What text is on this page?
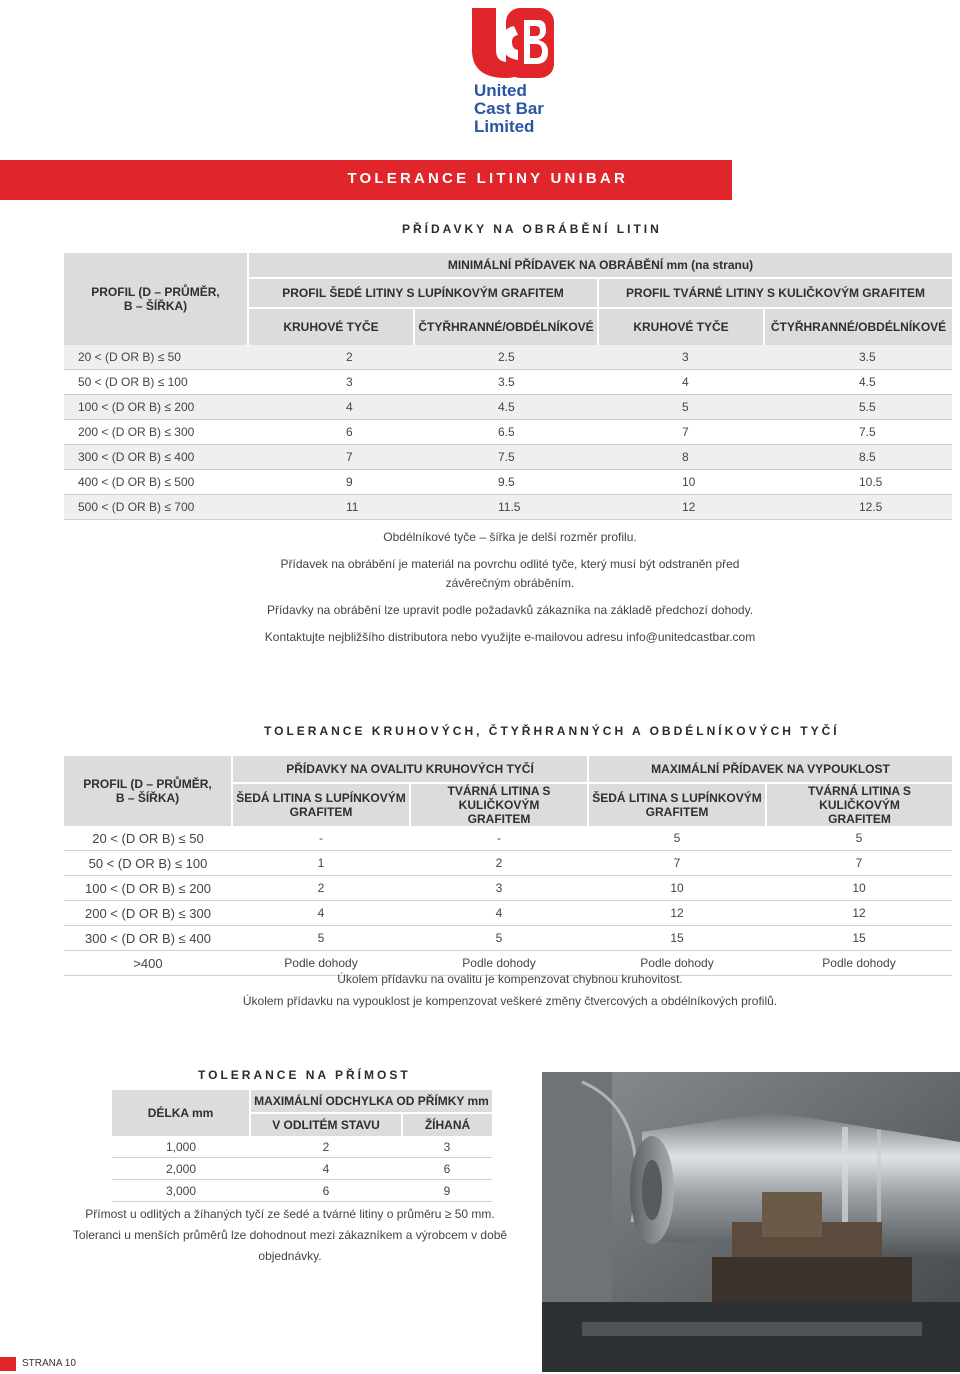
United
Cast Bar
Limited
TOLERANCE LITINY UNIBAR
PŘÍDAVKY NA OBRÁBĚNÍ LITIN
PROFIL (D – PRŮMĚR,
B – ŠÍŘKA)	MINIMÁLNÍ PŘÍDAVEK NA OBRÁBĚNÍ mm (na stranu)			
	PROFIL ŠEDÉ LITINY S LUPÍNKOVÝM GRAFITEM		PROFIL TVÁRNÉ LITINY S KULIČKOVÝM GRAFITEM	
	KRUHOVÉ TYČE	ČTYŘHRANNÉ/OBDÉLNÍKOVÉ	KRUHOVÉ TYČE	ČTYŘHRANNÉ/OBDÉLNÍKOVÉ
20 < (D OR B) ≤ 50	2	2.5	3	3.5
50 < (D OR B) ≤ 100	3	3.5	4	4.5
100 < (D OR B) ≤ 200	4	4.5	5	5.5
200 < (D OR B) ≤ 300	6	6.5	7	7.5
300 < (D OR B) ≤ 400	7	7.5	8	8.5
400 < (D OR B) ≤ 500	9	9.5	10	10.5
500 < (D OR B) ≤ 700	11	11.5	12	12.5
Obdélníkové tyče – šířka je delší rozměr profilu.
Přídavek na obrábění je materiál na povrchu odlité tyče, který musí být odstraněn před
závěrečným obráběním.
Přídavky na obrábění lze upravit podle požadavků zákazníka na základě předchozí dohody.
Kontaktujte nejbližšího distributora nebo využijte e-mailovou adresu info@unitedcastbar.com
TOLERANCE KRUHOVÝCH, ČTYŘHRANNÝCH A OBDÉLNÍKOVÝCH TYČÍ
PROFIL (D – PRŮMĚR,
B – ŠÍŘKA)	PŘÍDAVKY NA OVALITU KRUHOVÝCH TYČÍ		MAXIMÁLNÍ PŘÍDAVEK NA VYPOUKLOST	
	ŠEDÁ LITINA S LUPÍNKOVÝM
GRAFITEM	TVÁRNÁ LITINA S KULIČKOVÝM
GRAFITEM	ŠEDÁ LITINA S LUPÍNKOVÝM
GRAFITEM	TVÁRNÁ LITINA S KULIČKOVÝM
GRAFITEM
20 < (D OR B) ≤ 50	-	-	5	5
50 < (D OR B) ≤ 100	1	2	7	7
100 < (D OR B) ≤ 200	2	3	10	10
200 < (D OR B) ≤ 300	4	4	12	12
300 < (D OR B) ≤ 400	5	5	15	15
>400	Podle dohody	Podle dohody	Podle dohody	Podle dohody
Úkolem přídavku na ovalitu je kompenzovat chybnou kruhovitost.
Úkolem přídavku na vypouklost je kompenzovat veškeré změny čtvercových a obdélníkových profilů.
TOLERANCE NA PŘÍMOST
DÉLKA mm	MAXIMÁLNÍ ODCHYLKA OD PŘÍMKY mm	
	V ODLITÉM STAVU	ŽÍHANÁ
1,000	2	3
2,000	4	6
3,000	6	9
Přímost u odlitých a žíhaných tyčí ze šedé a tvárné litiny o průměru ≥ 50 mm.
Toleranci u menších průměrů lze dohodnout mezi zákazníkem a výrobcem v době objednávky.
STRANA 10
